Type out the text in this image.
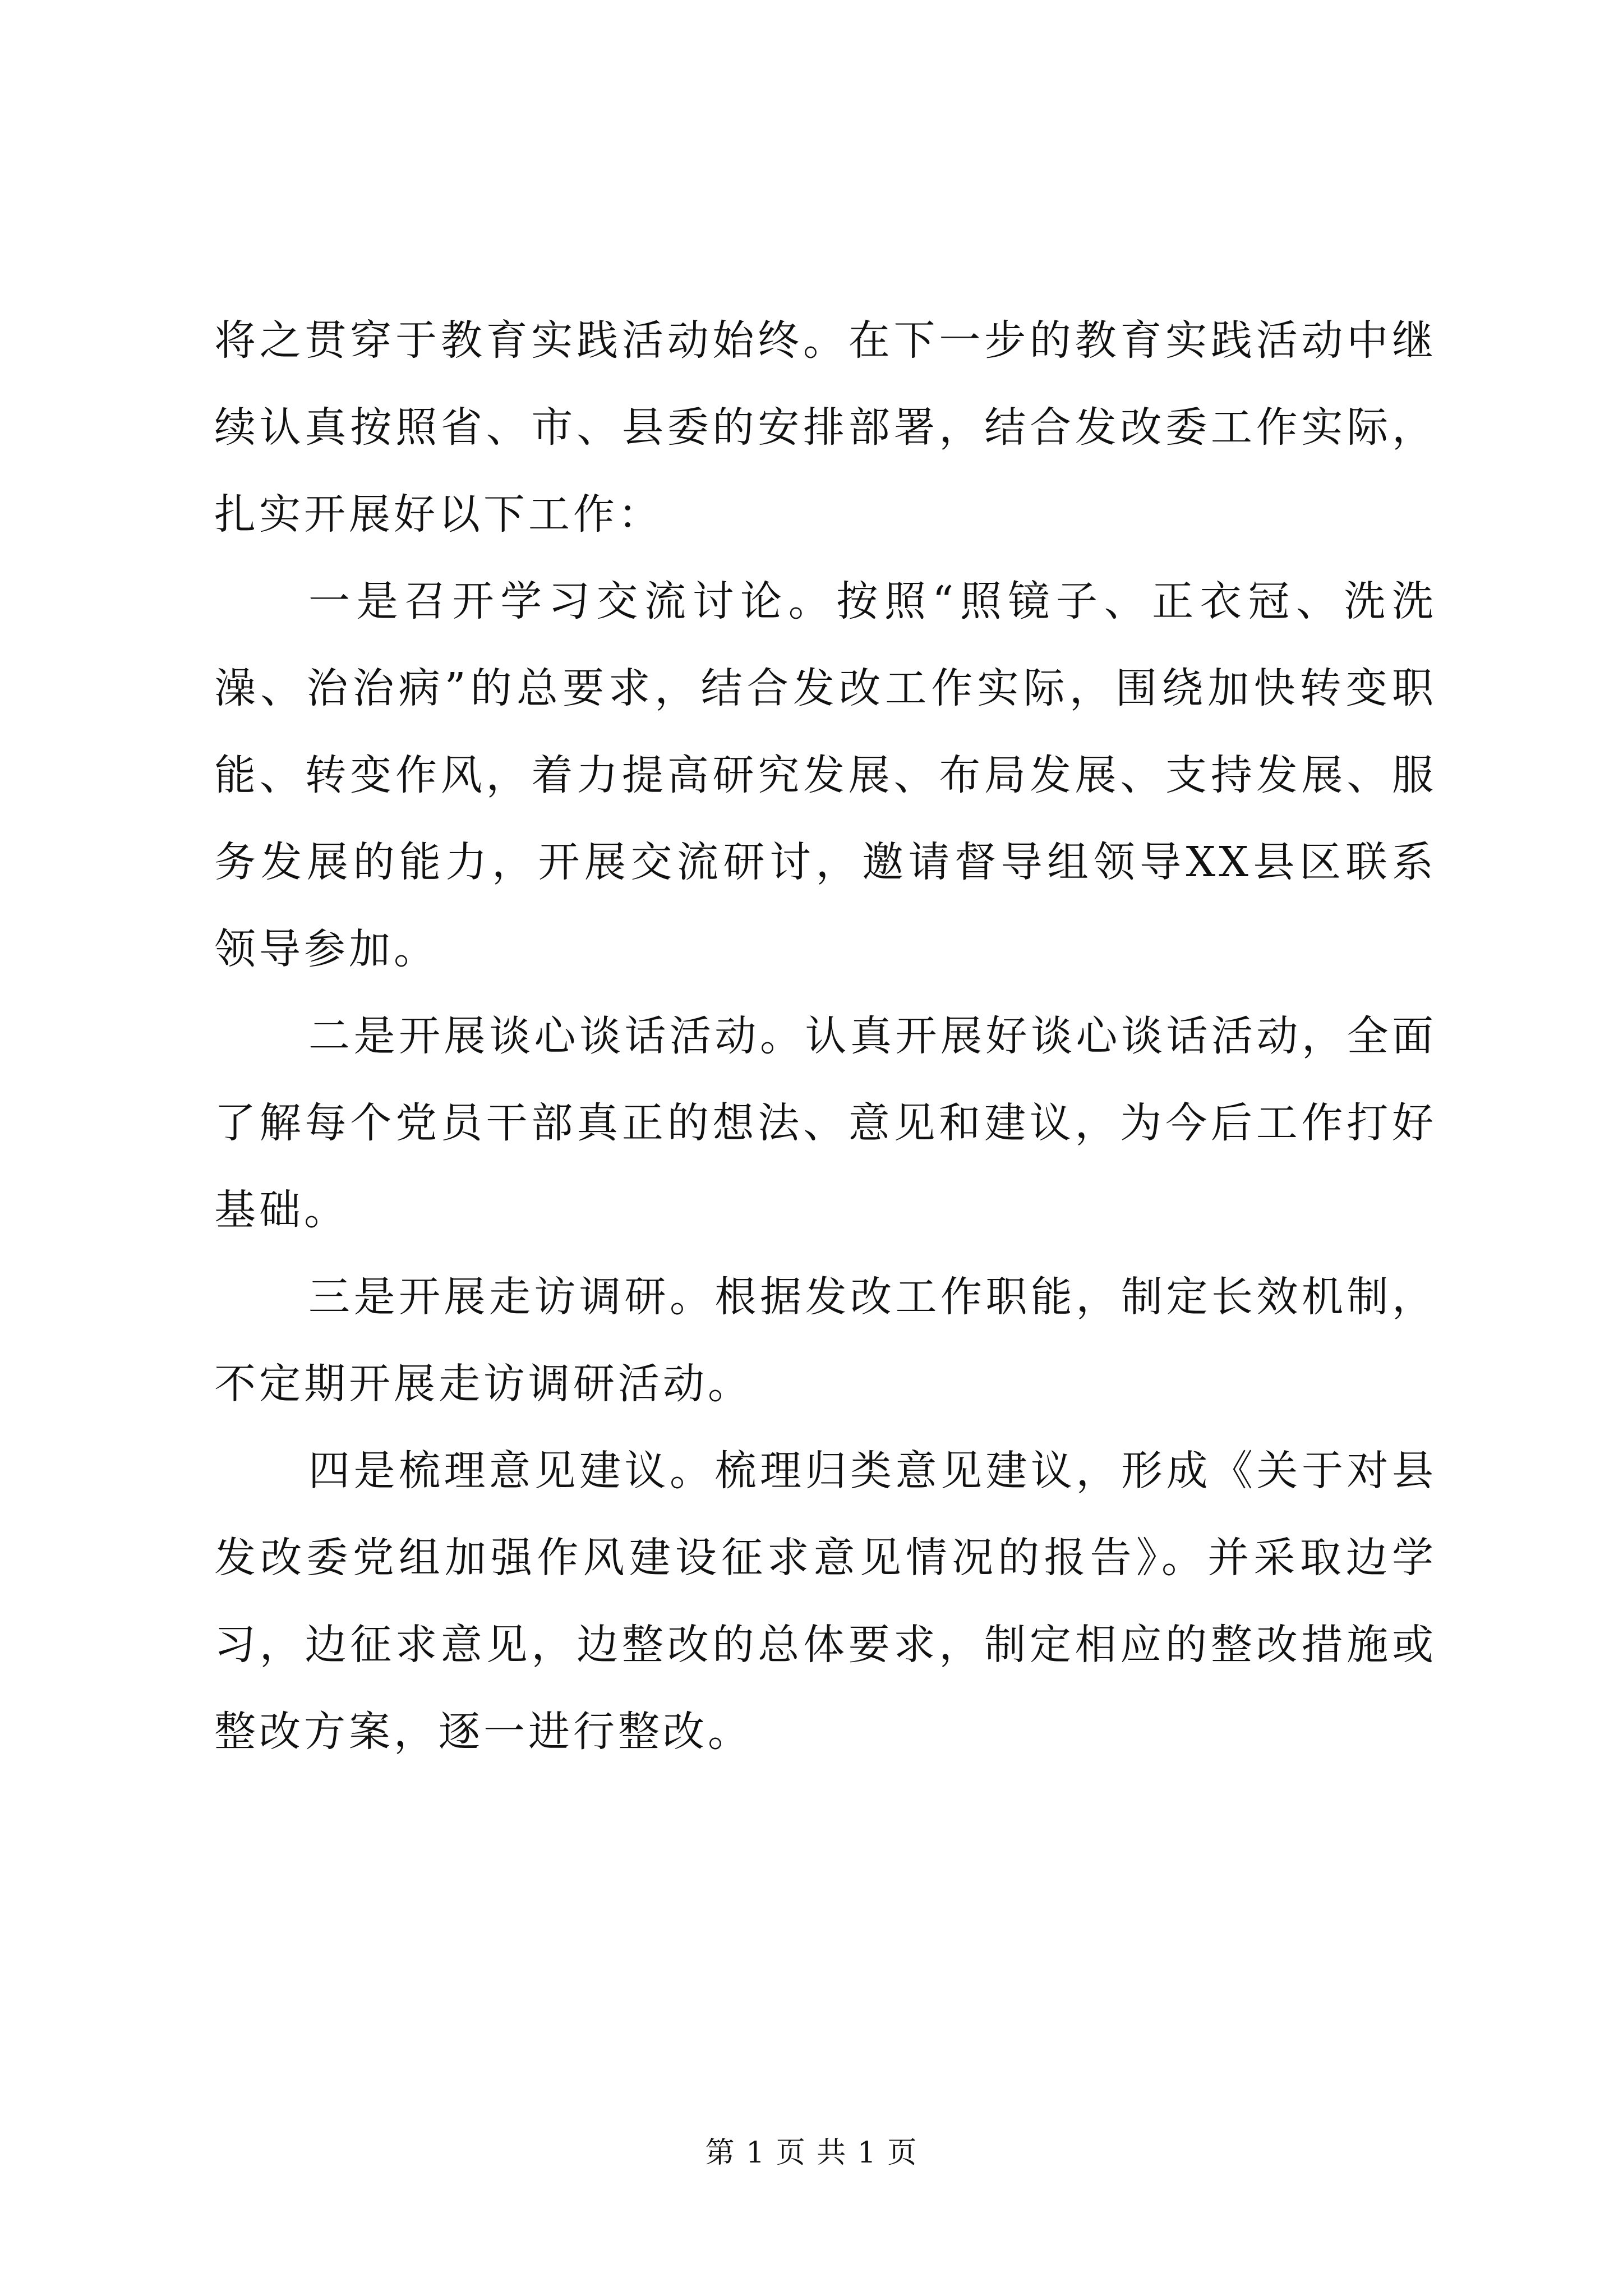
将之贯穿于教育实践活动始终。在下一步的教育实践活动中继续认真按照省、市、县委的安排部署，结合发改委工作实际，扎实开展好以下工作：

一是召开学习交流讨论。按照“照镜子、正衣冠、洗洗澡、治治病”的总要求，结合发改工作实际，围绕加快转变职能、转变作风，着力提高研究发展、布局发展、支持发展、服务发展的能力，开展交流研讨，邀请督导组领导XX县区联系领导参加。

二是开展谈心谈话活动。认真开展好谈心谈话活动，全面了解每个党员干部真正的想法、意见和建议，为今后工作打好基础。

三是开展走访调研。根据发改工作职能，制定长效机制，不定期开展走访调研活动。

四是梳理意见建议。梳理归类意见建议，形成《关于对县发改委党组加强作风建设征求意见情况的报告》。并采取边学习，边征求意见，边整改的总体要求，制定相应的整改措施或整改方案，逐一进行整改。

第 1 页 共 1 页
